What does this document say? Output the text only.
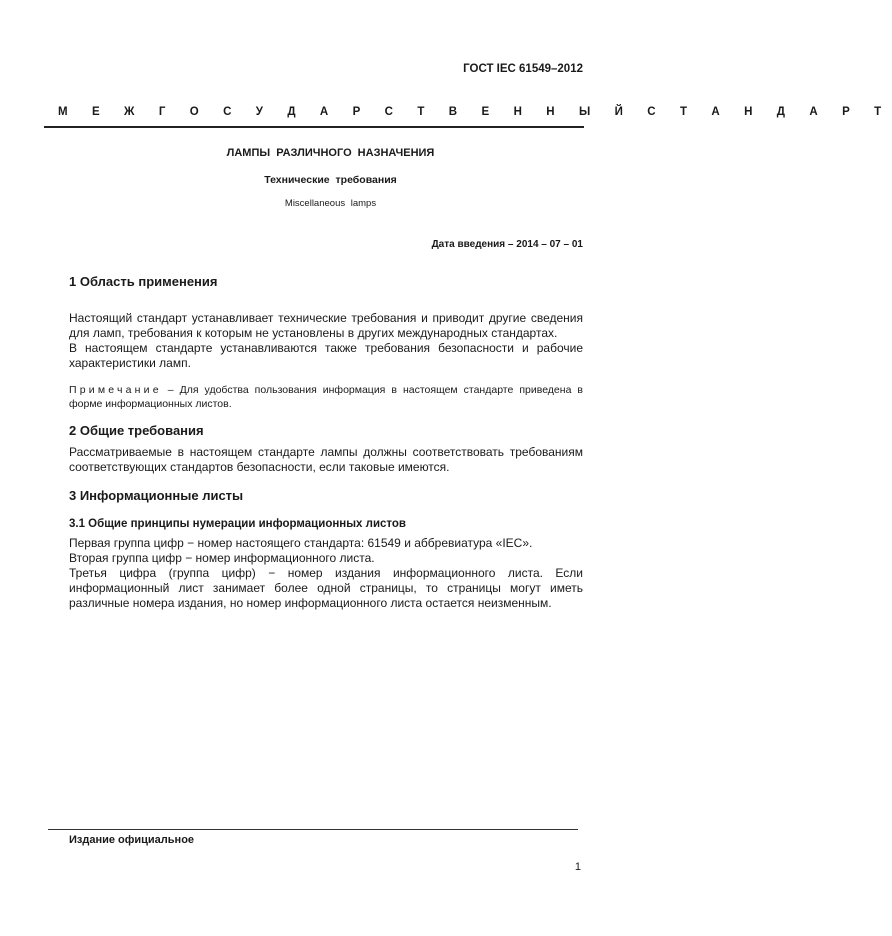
ГОСТ IEC 61549–2012
М Е Ж Г О С У Д А Р С Т В Е Н Н Ы Й С Т А Н Д А Р Т
ЛАМПЫ РАЗЛИЧНОГО НАЗНАЧЕНИЯ
Технические требования
Miscellaneous lamps
Дата введения – 2014 – 07 – 01
1 Область применения
Настоящий стандарт устанавливает технические требования и приводит другие сведения для ламп, требования к которым не установлены в других международных стандартах.
В настоящем стандарте устанавливаются также требования безопасности и рабочие характеристики ламп.
Примечание – Для удобства пользования информация в настоящем стандарте приведена в форме информационных листов.
2 Общие требования
Рассматриваемые в настоящем стандарте лампы должны соответствовать требованиям соответствующих стандартов безопасности, если таковые имеются.
3 Информационные листы
3.1 Общие принципы нумерации информационных листов
Первая группа цифр − номер настоящего стандарта: 61549 и аббревиатура «IEC».
Вторая группа цифр − номер информационного листа.
Третья цифра (группа цифр) − номер издания информационного листа. Если информационный лист занимает более одной страницы, то страницы могут иметь различные номера издания, но номер информационного листа остается неизменным.
Издание официальное
1
